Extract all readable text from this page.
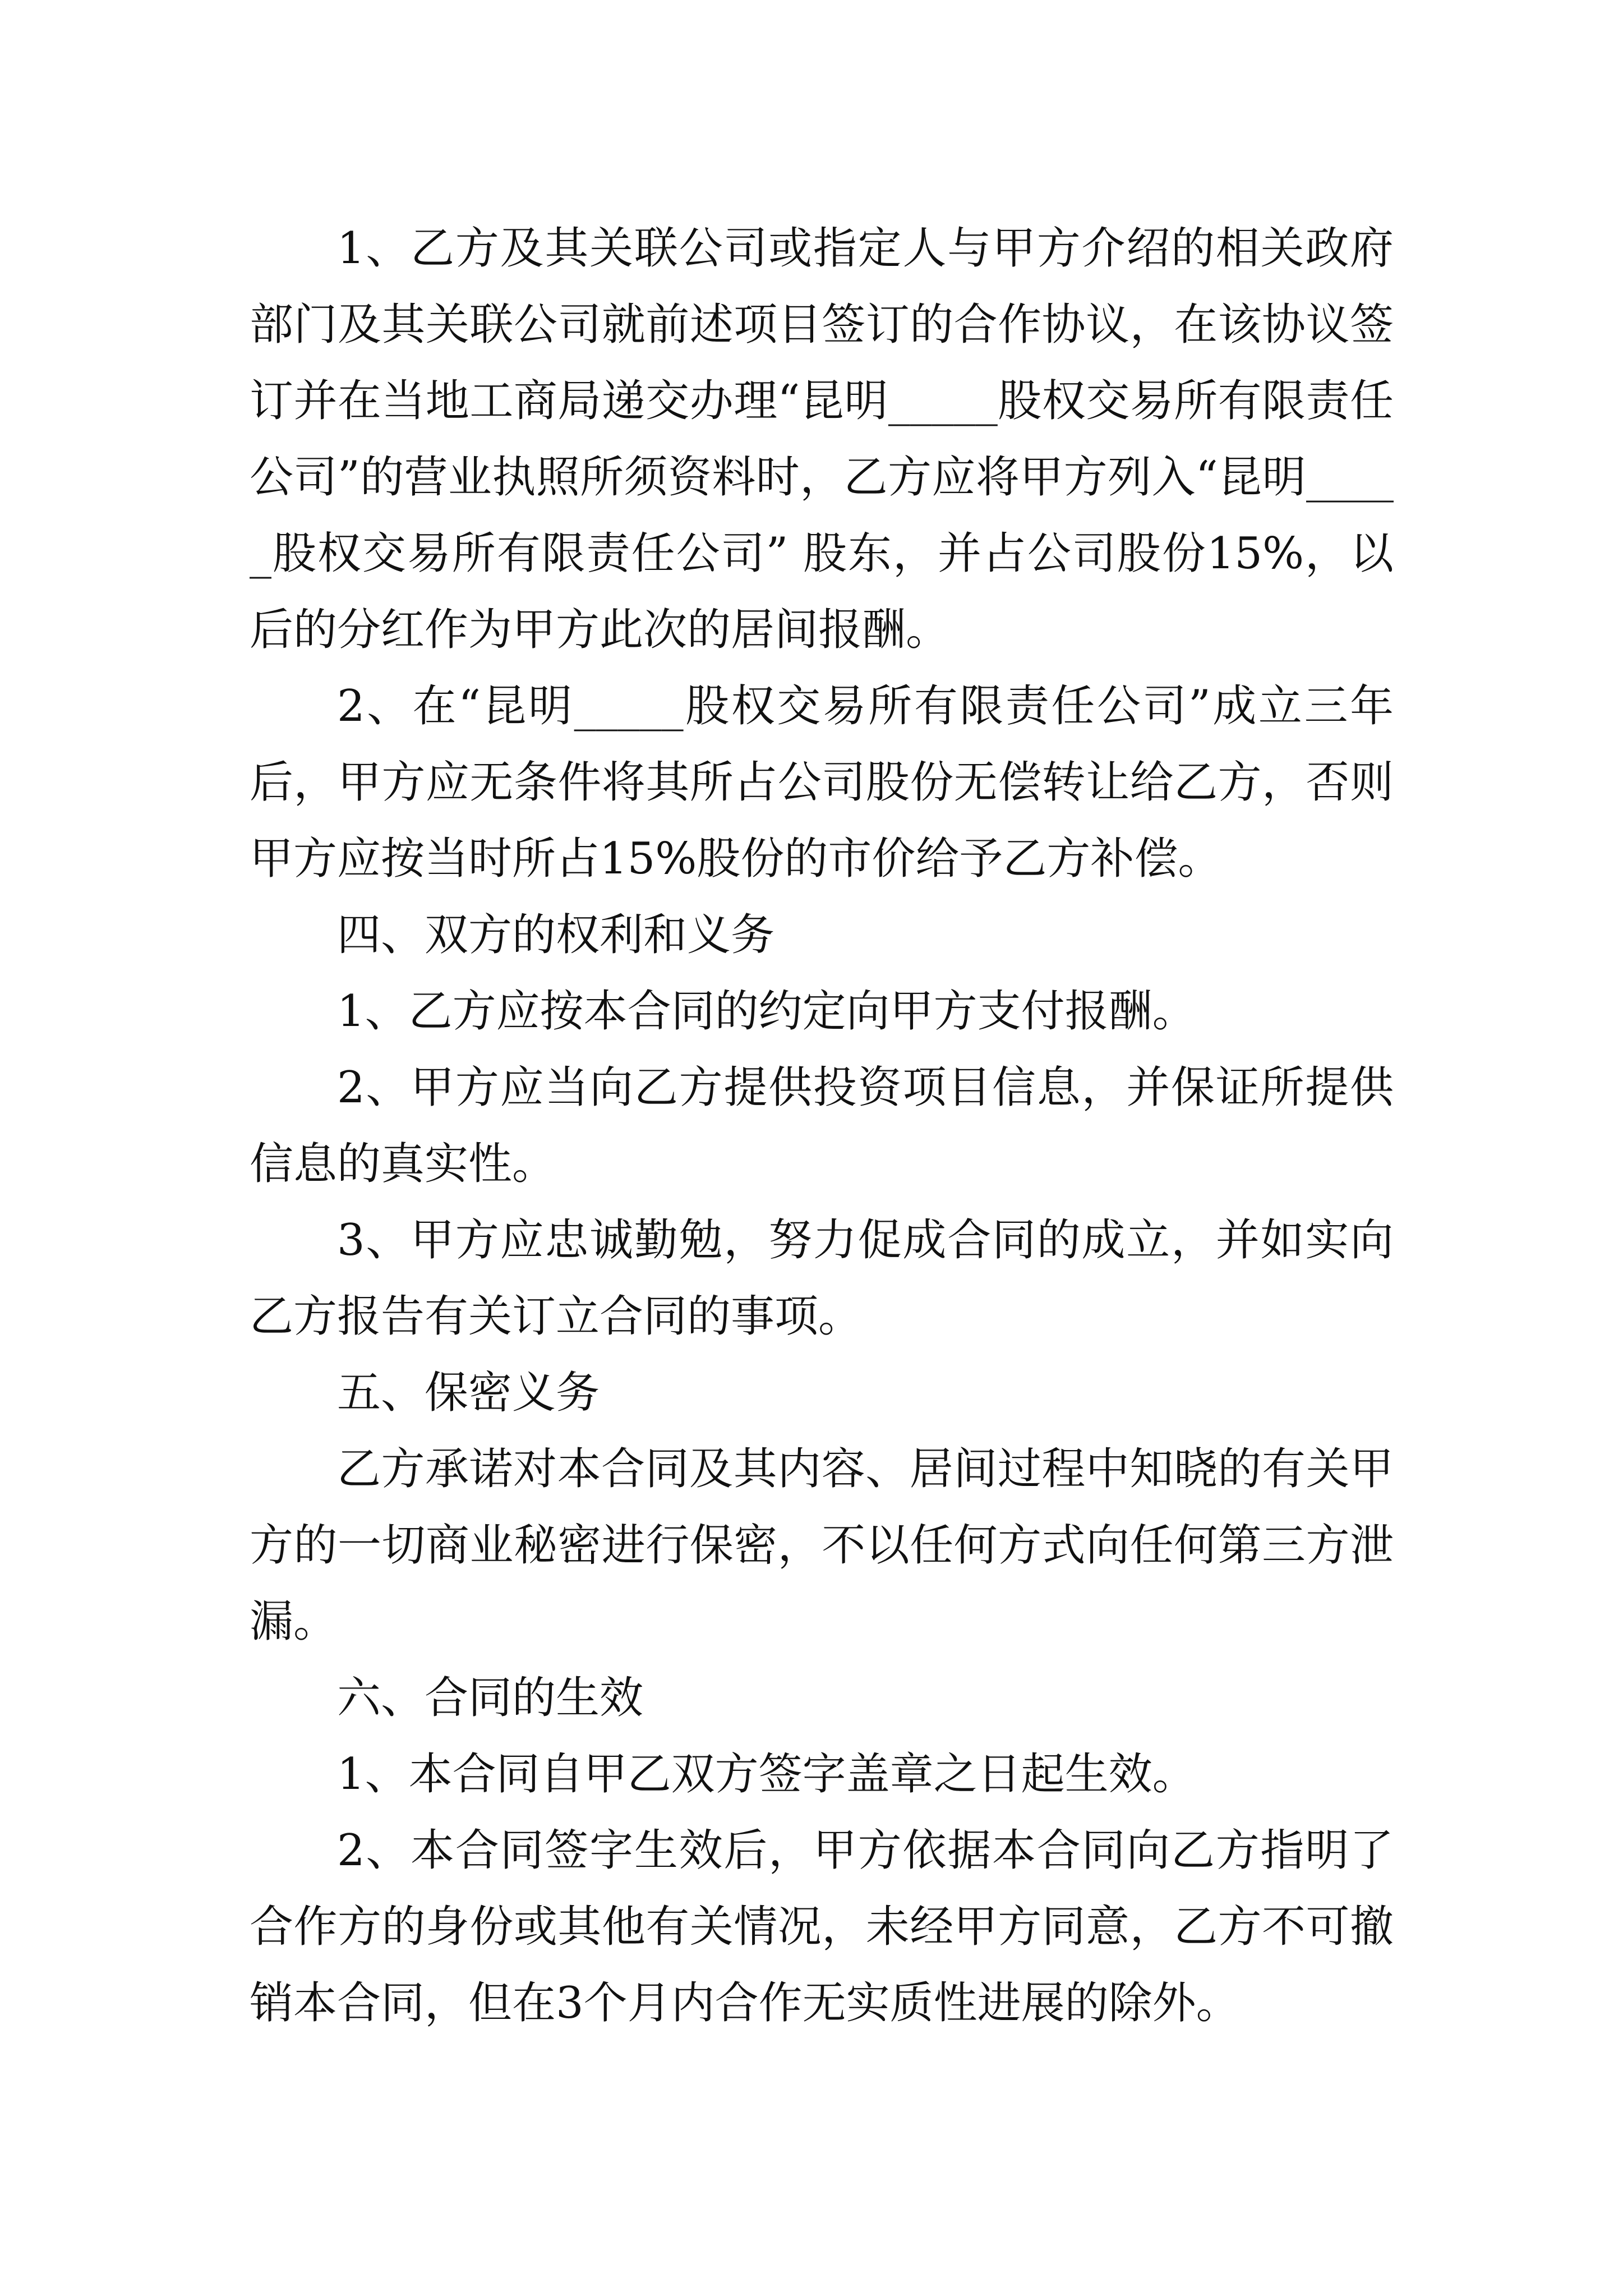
1、乙方及其关联公司或指定人与甲方介绍的相关政府部门及其关联公司就前述项目签订的合作协议，在该协议签订并在当地工商局递交办理“昆明_____股权交易所有限责任公司”的营业执照所须资料时，乙方应将甲方列入“昆明_____股权交易所有限责任公司” 股东，并占公司股份15%，以后的分红作为甲方此次的居间报酬。

2、在“昆明_____股权交易所有限责任公司”成立三年后，甲方应无条件将其所占公司股份无偿转让给乙方，否则甲方应按当时所占15%股份的市价给予乙方补偿。

四、双方的权利和义务

1、乙方应按本合同的约定向甲方支付报酬。

2、甲方应当向乙方提供投资项目信息，并保证所提供信息的真实性。

3、甲方应忠诚勤勉，努力促成合同的成立，并如实向乙方报告有关订立合同的事项。

五、保密义务

乙方承诺对本合同及其内容、居间过程中知晓的有关甲方的一切商业秘密进行保密，不以任何方式向任何第三方泄漏。

六、合同的生效

1、本合同自甲乙双方签字盖章之日起生效。

2、本合同签字生效后，甲方依据本合同向乙方指明了合作方的身份或其他有关情况，未经甲方同意，乙方不可撤销本合同，但在3个月内合作无实质性进展的除外。
